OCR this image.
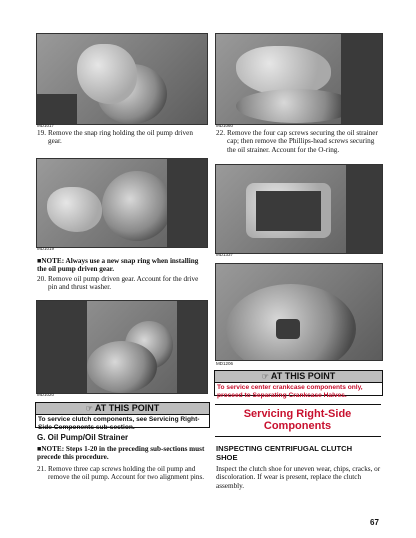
MD1017

19. Remove the snap ring holding the oil pump driven gear.

MD1019

■NOTE: Always use a new snap ring when installing the oil pump driven gear.

20. Remove oil pump driven gear. Account for the drive pin and thrust washer.

MD1020
☞ AT THIS POINT
To service clutch components, see Servicing Right-Side Components sub-section.
G. Oil Pump/Oil Strainer

■NOTE: Steps 1-20 in the preceding sub-sections must precede this procedure.

21. Remove three cap screws holding the oil pump and remove the oil pump. Account for two alignment pins.

MD1060

22. Remove the four cap screws securing the oil strainer cap; then remove the Phillips-head screws securing the oil strainer. Account for the O-ring.

MD1337
MD1206
☞ AT THIS POINT
To service center crankcase components only, proceed to Separating Crankcase Halves.
Servicing Right-Side Components
INSPECTING CENTRIFUGAL CLUTCH SHOE

Inspect the clutch shoe for uneven wear, chips, cracks, or discoloration. If wear is present, replace the clutch assembly.

67
